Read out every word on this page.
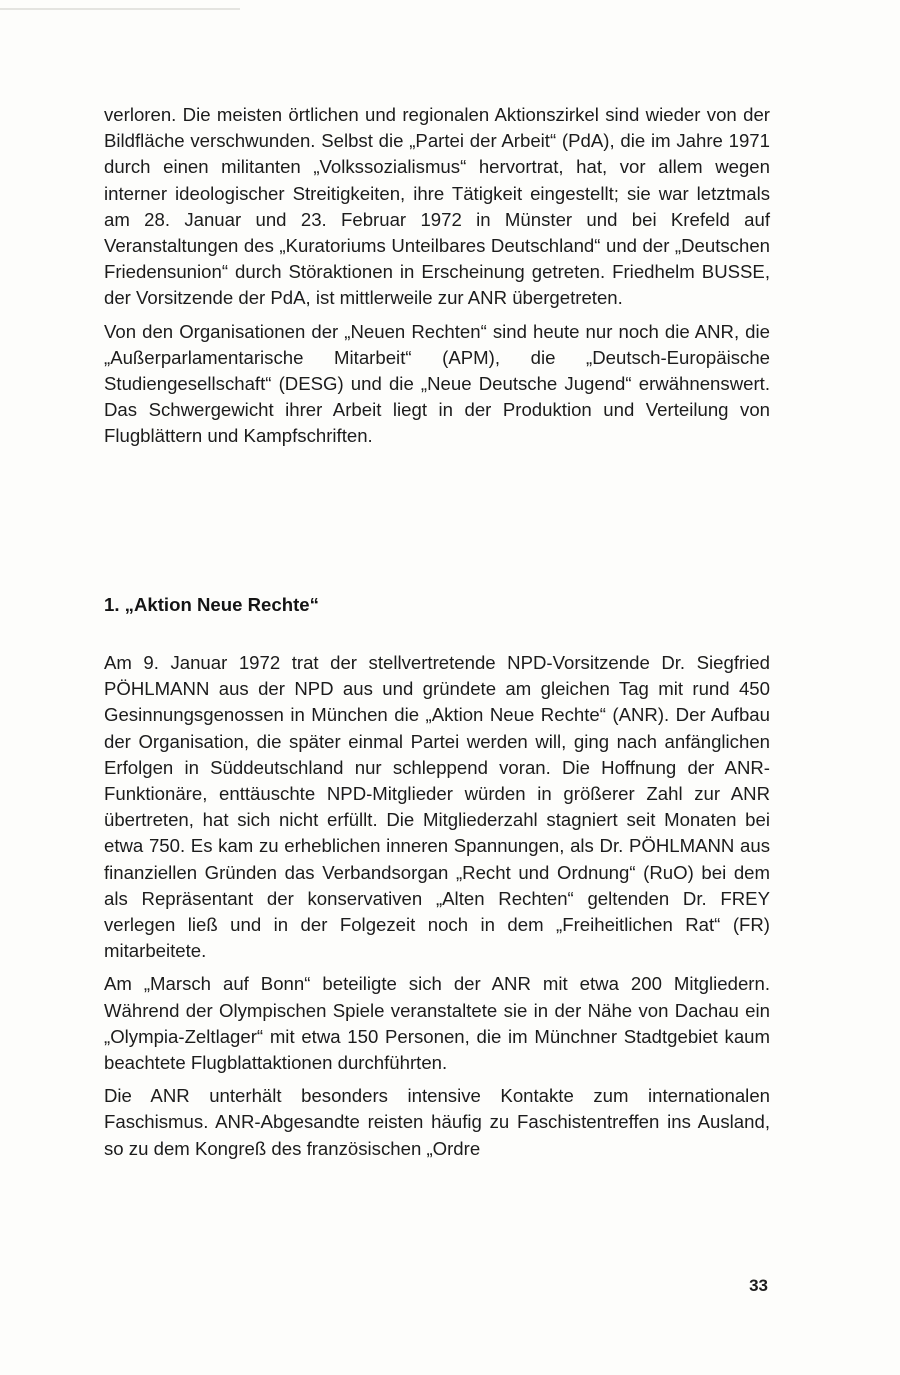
verloren. Die meisten örtlichen und regionalen Aktionszirkel sind wieder von der Bildfläche verschwunden. Selbst die „Partei der Arbeit“ (PdA), die im Jahre 1971 durch einen militanten „Volkssozialismus“ hervortrat, hat, vor allem wegen interner ideologischer Streitigkeiten, ihre Tätigkeit eingestellt; sie war letztmals am 28. Januar und 23. Februar 1972 in Münster und bei Krefeld auf Veranstaltungen des „Kuratoriums Unteilbares Deutschland“ und der „Deutschen Friedensunion“ durch Störaktionen in Erscheinung getreten. Friedhelm BUSSE, der Vorsitzende der PdA, ist mittlerweile zur ANR übergetreten.

Von den Organisationen der „Neuen Rechten“ sind heute nur noch die ANR, die „Außerparlamentarische Mitarbeit“ (APM), die „Deutsch-Europäische Studiengesellschaft“ (DESG) und die „Neue Deutsche Jugend“ erwähnenswert. Das Schwergewicht ihrer Arbeit liegt in der Produktion und Verteilung von Flugblättern und Kampfschriften.

1. „Aktion Neue Rechte“

Am 9. Januar 1972 trat der stellvertretende NPD-Vorsitzende Dr. Siegfried PÖHLMANN aus der NPD aus und gründete am gleichen Tag mit rund 450 Gesinnungsgenossen in München die „Aktion Neue Rechte“ (ANR). Der Aufbau der Organisation, die später einmal Partei werden will, ging nach anfänglichen Erfolgen in Süddeutschland nur schleppend voran. Die Hoffnung der ANR-Funktionäre, enttäuschte NPD-Mitglieder würden in größerer Zahl zur ANR übertreten, hat sich nicht erfüllt. Die Mitgliederzahl stagniert seit Monaten bei etwa 750. Es kam zu erheblichen inneren Spannungen, als Dr. PÖHLMANN aus finanziellen Gründen das Verbandsorgan „Recht und Ordnung“ (RuO) bei dem als Repräsentant der konservativen „Alten Rechten“ geltenden Dr. FREY verlegen ließ und in der Folgezeit noch in dem „Freiheitlichen Rat“ (FR) mitarbeitete.

Am „Marsch auf Bonn“ beteiligte sich der ANR mit etwa 200 Mitgliedern. Während der Olympischen Spiele veranstaltete sie in der Nähe von Dachau ein „Olympia-Zeltlager“ mit etwa 150 Personen, die im Münchner Stadtgebiet kaum beachtete Flugblattaktionen durchführten.

Die ANR unterhält besonders intensive Kontakte zum internationalen Faschismus. ANR-Abgesandte reisten häufig zu Faschistentreffen ins Ausland, so zu dem Kongreß des französischen „Ordre

33
